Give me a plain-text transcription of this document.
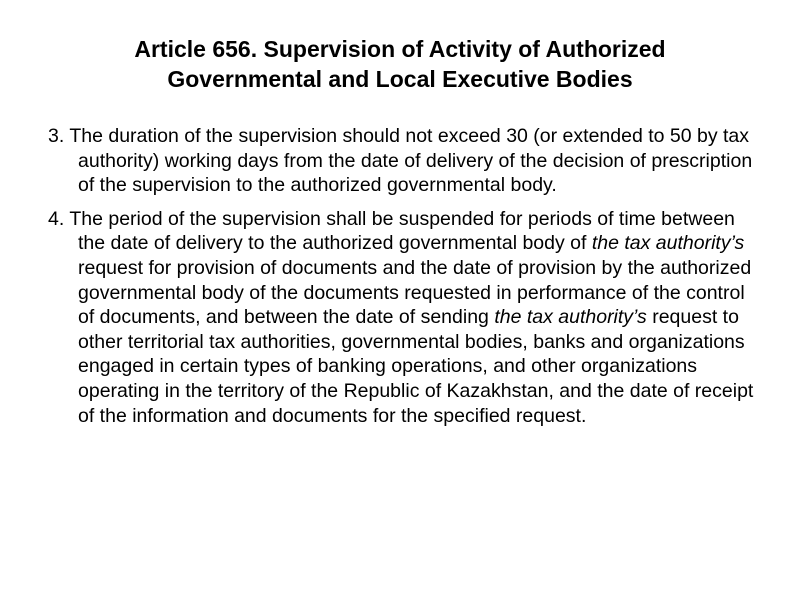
Article 656. Supervision of Activity of Authorized
Governmental and Local Executive Bodies

3. The duration of the supervision should not exceed 30 (or extended to 50 by tax authority) working days from the date of delivery of the decision of prescription of the supervision to the authorized governmental body.

4. The period of the supervision shall be suspended for periods of time between the date of delivery to the authorized governmental body of the tax authority’s request for provision of documents and the date of provision by the authorized governmental body of the documents requested in performance of the control of documents, and between the date of sending the tax authority’s request to other territorial tax authorities, governmental bodies, banks and organizations engaged in certain types of banking operations, and other organizations operating in the territory of the Republic of Kazakhstan, and the date of receipt of the information and documents for the specified request.
